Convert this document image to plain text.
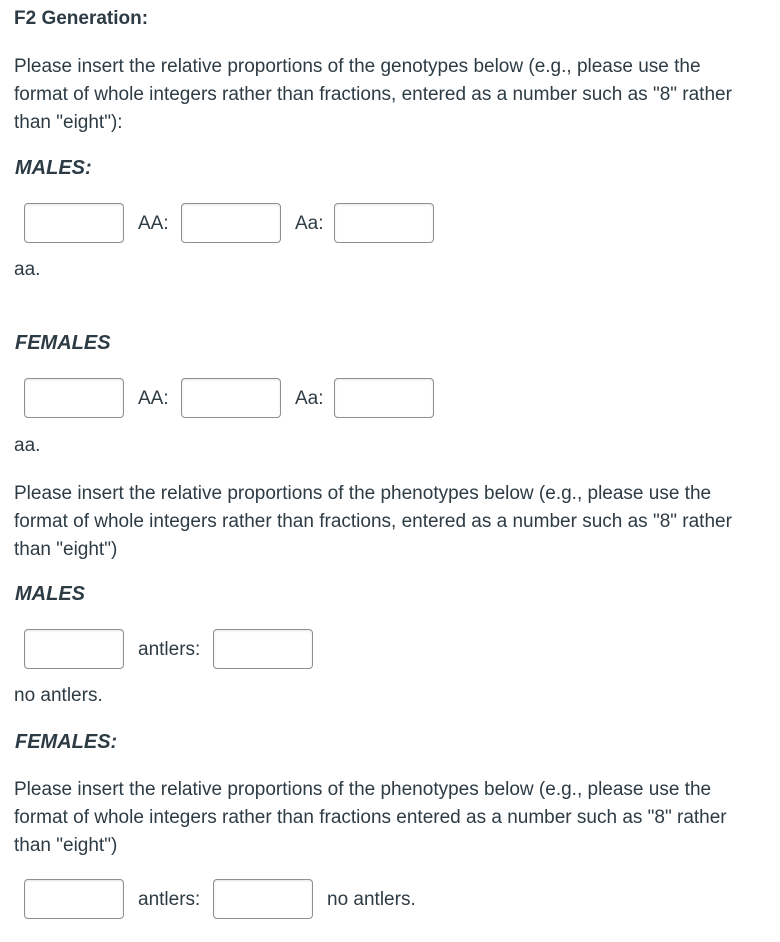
F2 Generation:
Please insert the relative proportions of the genotypes below (e.g., please use the format of whole integers rather than fractions, entered as a number such as "8" rather than "eight"):
MALES:
AA:	Aa:
aa.
FEMALES
AA:	Aa:
aa.
Please insert the relative proportions of the phenotypes below (e.g., please use the format of whole integers rather than fractions, entered as a number such as "8" rather than "eight")
MALES
antlers:
no antlers.
FEMALES:
Please insert the relative proportions of the phenotypes below (e.g., please use the format of whole integers rather than fractions entered as a number such as "8" rather than "eight")
antlers:	no antlers.
